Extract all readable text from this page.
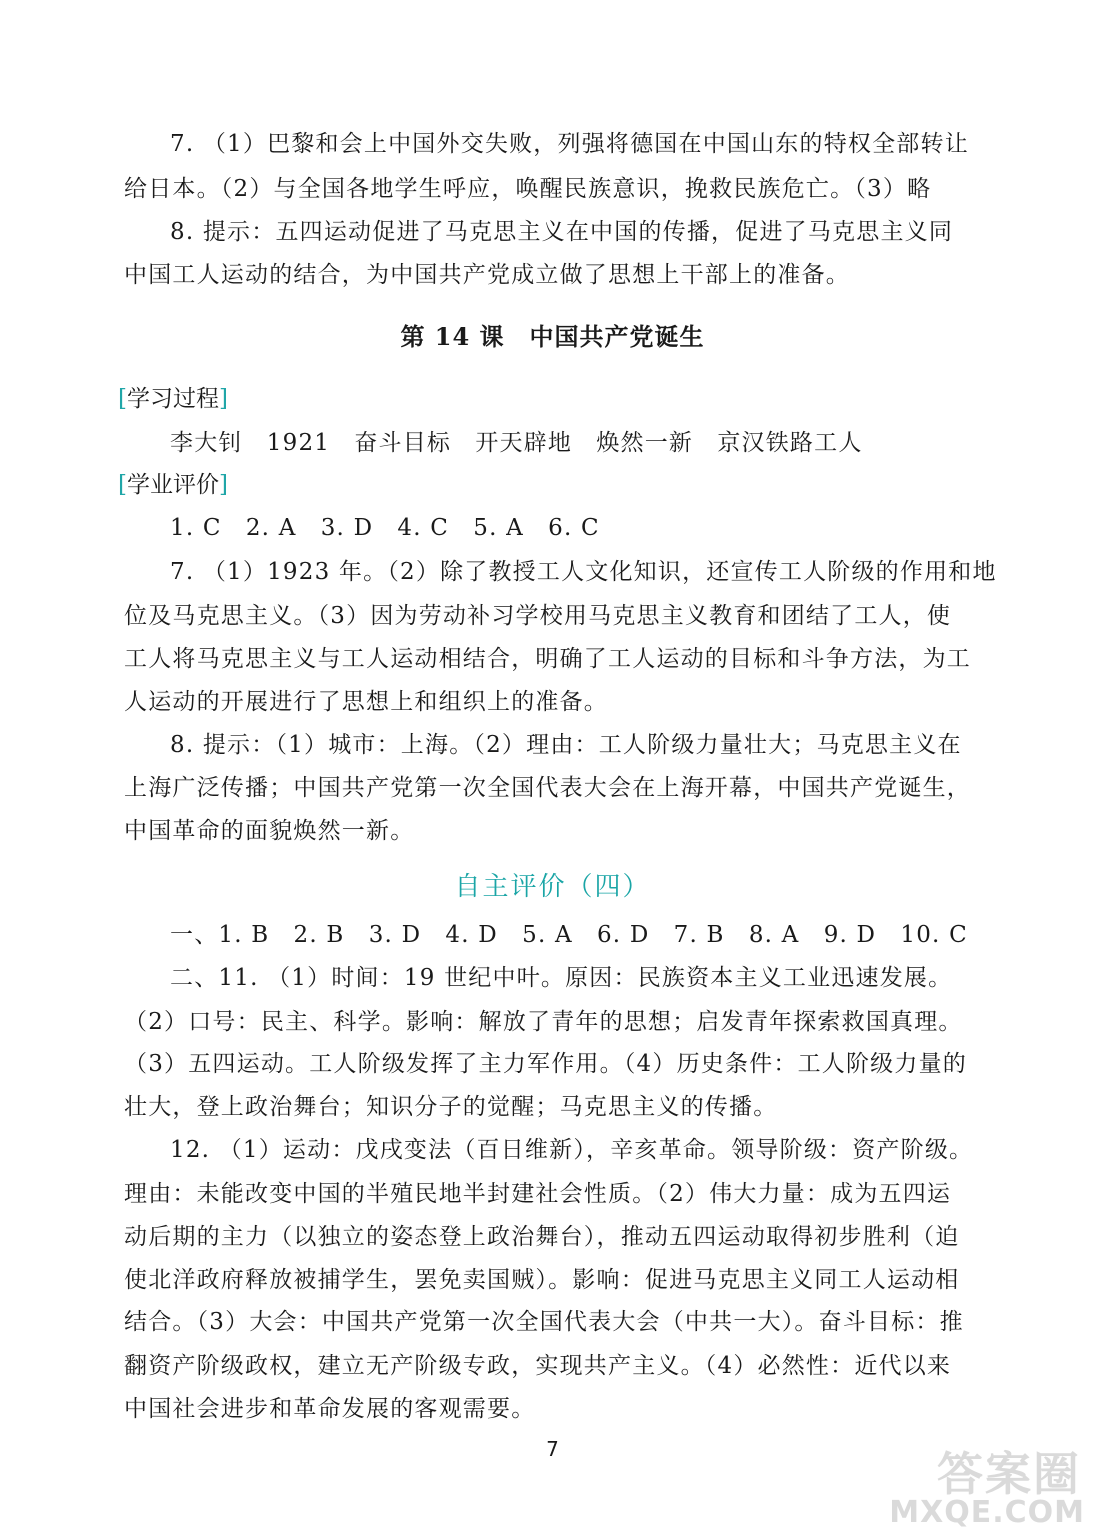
7. （1）巴黎和会上中国外交失败，列强将德国在中国山东的特权全部转让
给日本。（2）与全国各地学生呼应，唤醒民族意识，挽救民族危亡。（3）略
8. 提示：五四运动促进了马克思主义在中国的传播，促进了马克思主义同
中国工人运动的结合，为中国共产党成立做了思想上干部上的准备。
第 14 课　中国共产党诞生
[学习过程]
李大钊　1921　奋斗目标　开天辟地　焕然一新　京汉铁路工人
[学业评价]
1. C　2. A　3. D　4. C　5. A　6. C
7. （1）1923 年。（2）除了教授工人文化知识，还宣传工人阶级的作用和地
位及马克思主义。（3）因为劳动补习学校用马克思主义教育和团结了工人，使
工人将马克思主义与工人运动相结合，明确了工人运动的目标和斗争方法，为工
人运动的开展进行了思想上和组织上的准备。
8. 提示：（1）城市：上海。（2）理由：工人阶级力量壮大；马克思主义在
上海广泛传播；中国共产党第一次全国代表大会在上海开幕，中国共产党诞生，
中国革命的面貌焕然一新。
自主评价（四）
一、1. B　2. B　3. D　4. D　5. A　6. D　7. B　8. A　9. D　10. C
二、11. （1）时间：19 世纪中叶。原因：民族资本主义工业迅速发展。
（2）口号：民主、科学。影响：解放了青年的思想；启发青年探索救国真理。
（3）五四运动。工人阶级发挥了主力军作用。（4）历史条件：工人阶级力量的
壮大，登上政治舞台；知识分子的觉醒；马克思主义的传播。
12. （1）运动：戊戌变法（百日维新），辛亥革命。领导阶级：资产阶级。
理由：未能改变中国的半殖民地半封建社会性质。（2）伟大力量：成为五四运
动后期的主力（以独立的姿态登上政治舞台），推动五四运动取得初步胜利（迫
使北洋政府释放被捕学生，罢免卖国贼）。影响：促进马克思主义同工人运动相
结合。（3）大会：中国共产党第一次全国代表大会（中共一大）。奋斗目标：推
翻资产阶级政权，建立无产阶级专政，实现共产主义。（4）必然性：近代以来
中国社会进步和革命发展的客观需要。
7	答案圈
MXQE.COM
